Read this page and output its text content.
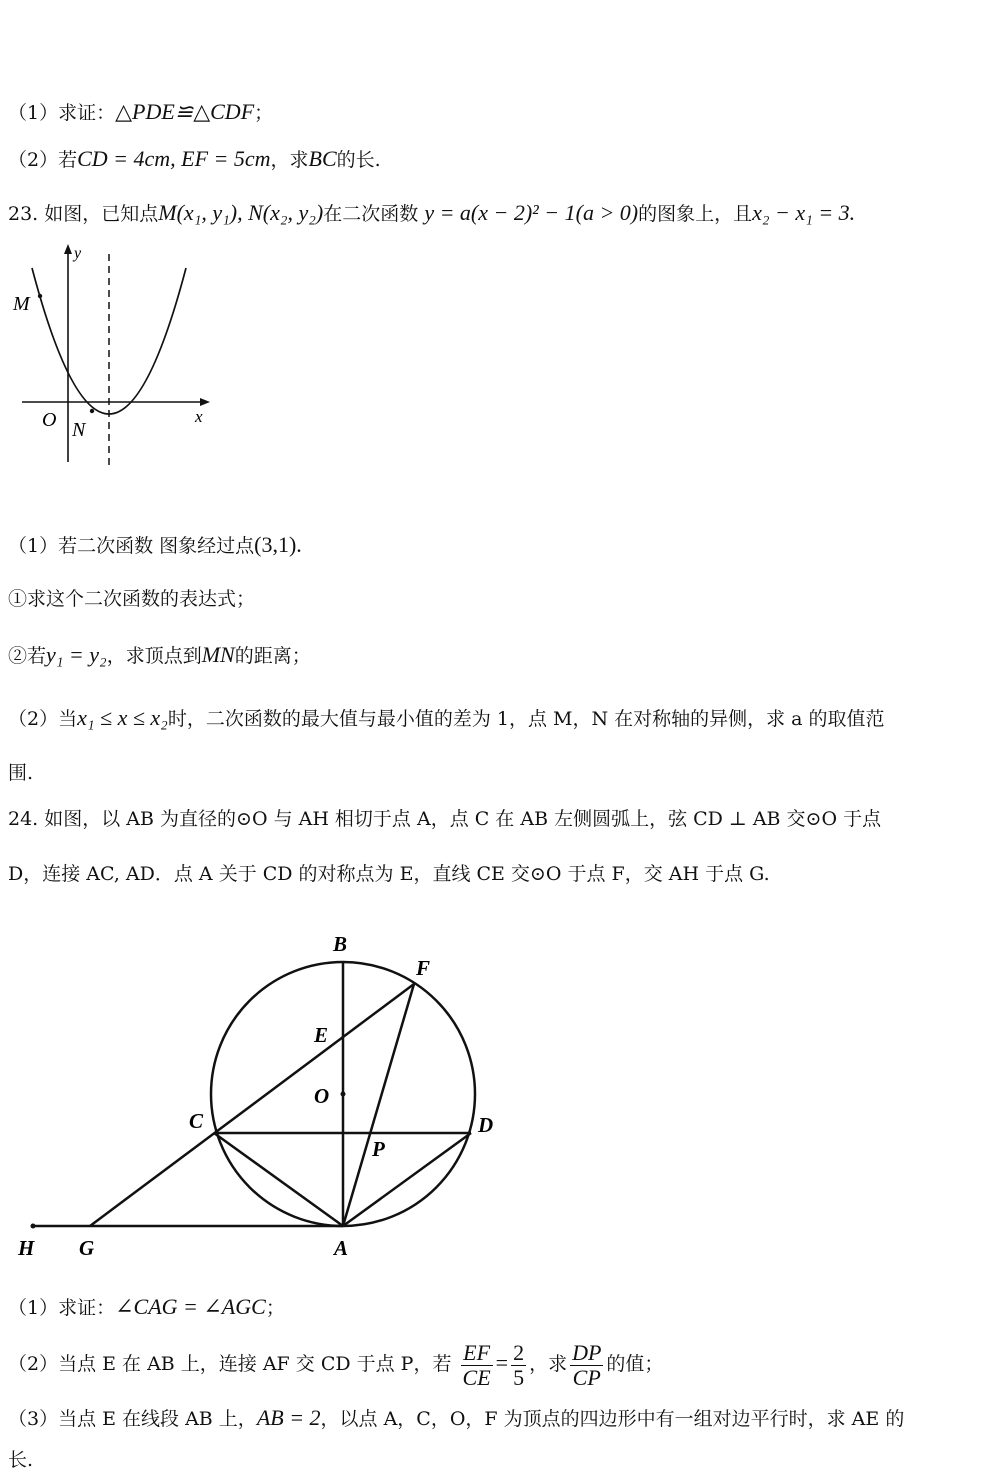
（1）求证：△PDE≌△CDF；
（2）若CD = 4cm, EF = 5cm，求BC的长.
23. 如图，已知点M(x₁, y₁), N(x₂, y₂)在二次函数 y = a(x − 2)² − 1(a > 0)的图象上，且x₂ − x₁ = 3.
y
x
O
M
N
（1）若二次函数 图象经过点(3,1).
①求这个二次函数的表达式；
②若y₁ = y₂，求顶点到MN的距离；
（2）当x₁ ≤ x ≤ x₂时，二次函数的最大值与最小值的差为 1，点 M，N 在对称轴的异侧，求 a 的取值范
围.
24. 如图，以 AB 为直径的⊙O 与 AH 相切于点 A，点 C 在 AB 左侧圆弧上，弦 CD ⊥ AB 交⊙O 于点
D，连接 AC, AD．点 A 关于 CD 的对称点为 E，直线 CE 交⊙O 于点 F，交 AH 于点 G.
B
F
E
O
C	D
P
H G	A
（1）求证：∠CAG = ∠AGC；
（2）当点 E 在 AB 上，连接 AF 交 CD 于点 P，若 $\frac{EF}{CE} = \frac{2}{5}$ ，求 $\frac{DP}{CP}$ 的值；
（3）当点 E 在线段 AB 上，AB = 2，以点 A，C，O，F 为顶点的四边形中有一组对边平行时，求 AE 的
长.
